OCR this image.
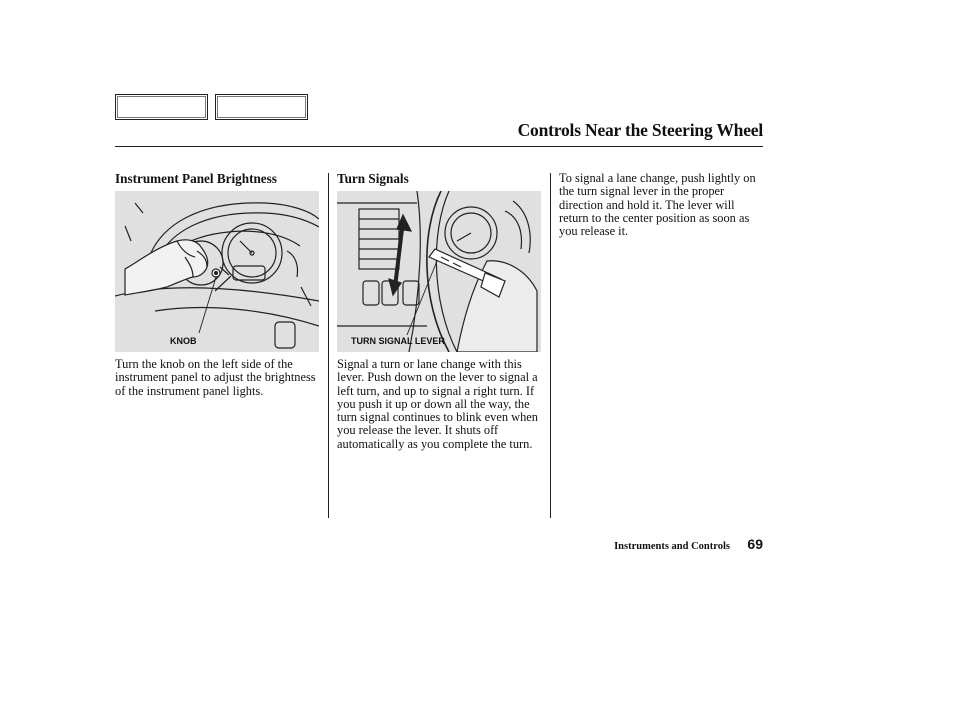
Controls Near the Steering Wheel
Instrument Panel Brightness
KNOB
Turn the knob on the left side of the instrument panel to adjust the brightness of the instrument panel lights.
Turn Signals
TURN SIGNAL LEVER
Signal a turn or lane change with this lever. Push down on the lever to signal a left turn, and up to signal a right turn. If you push it up or down all the way, the turn signal continues to blink even when you release the lever. It shuts off automatically as you complete the turn.
To signal a lane change, push lightly on the turn signal lever in the proper direction and hold it. The lever will return to the center position as soon as you release it.
Instruments and Controls 69
